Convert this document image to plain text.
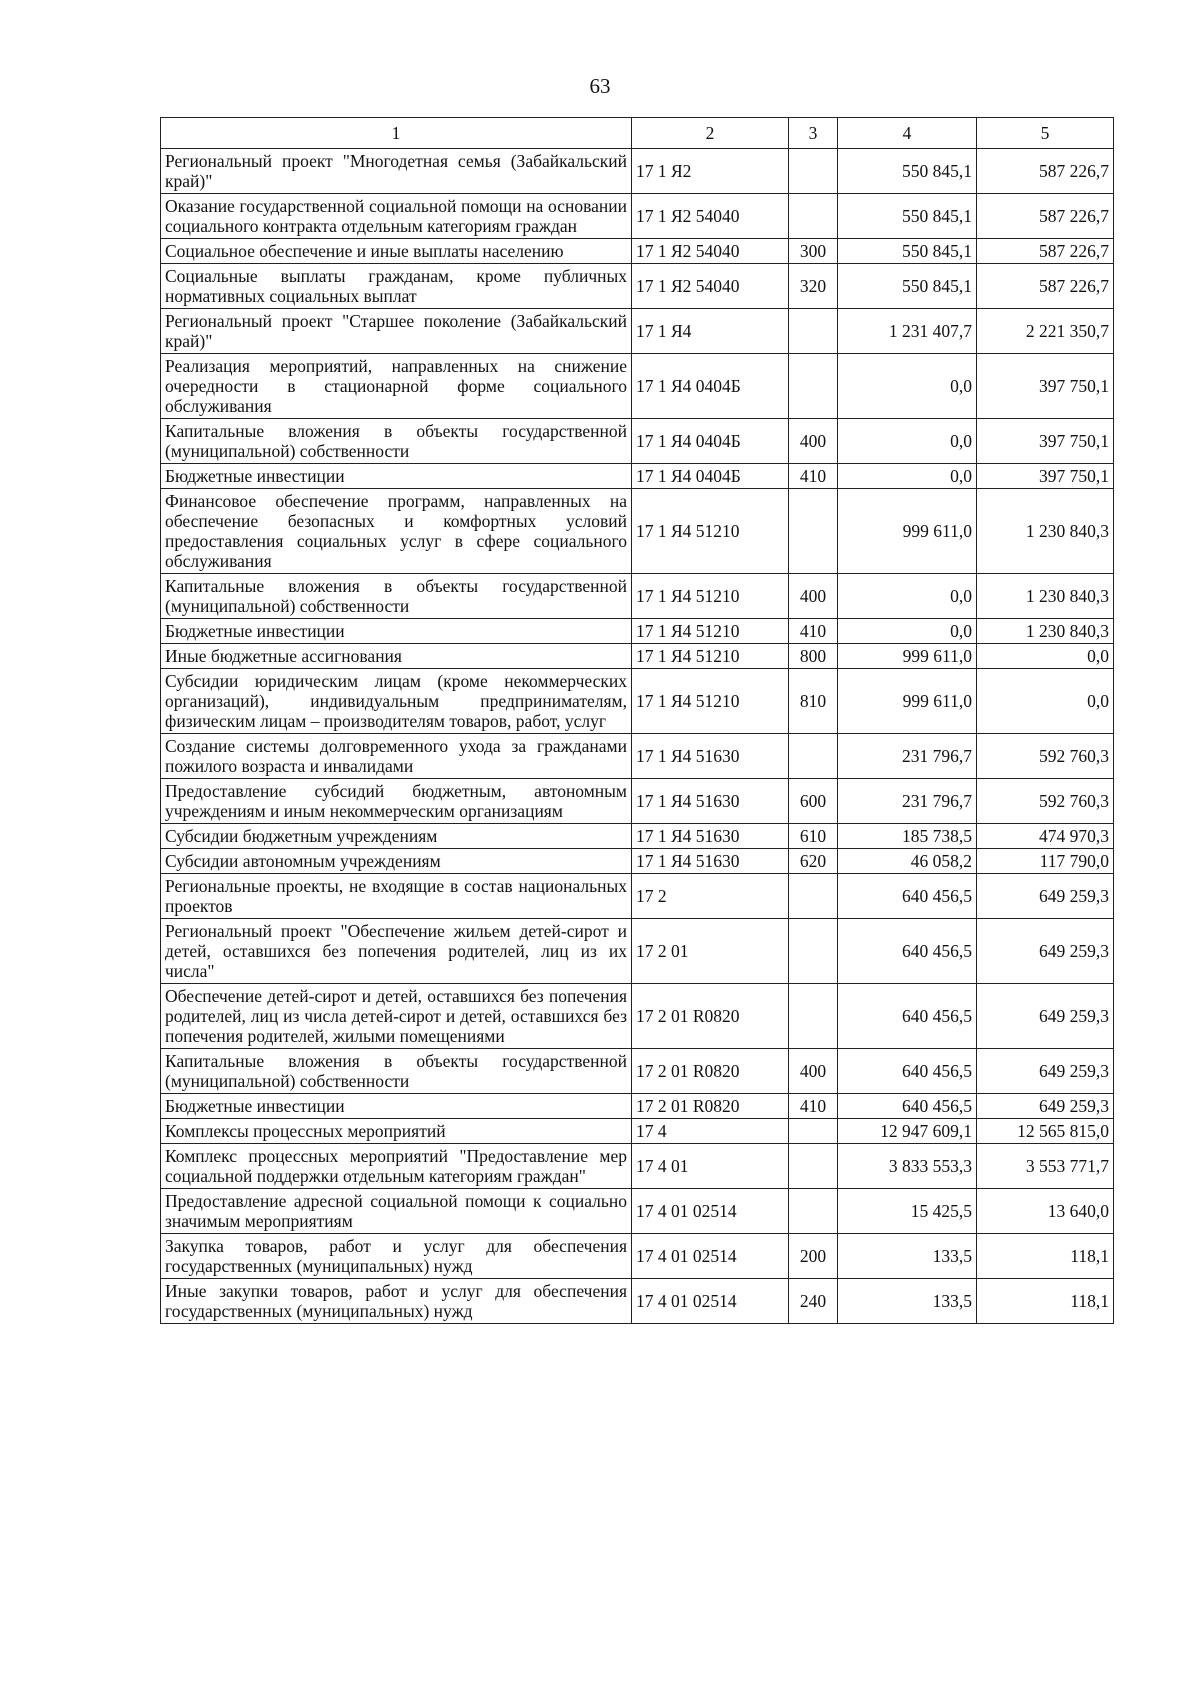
63
1	2	3	4	5
Региональный проект "Многодетная семья (Забайкальский край)"	17 1 Я2		550 845,1	587 226,7
Оказание государственной социальной помощи на основании социального контракта отдельным категориям граждан	17 1 Я2 54040		550 845,1	587 226,7
Социальное обеспечение и иные выплаты населению	17 1 Я2 54040	300	550 845,1	587 226,7
Социальные выплаты гражданам, кроме публичных нормативных социальных выплат	17 1 Я2 54040	320	550 845,1	587 226,7
Региональный проект "Старшее поколение (Забайкальский край)"	17 1 Я4		1 231 407,7	2 221 350,7
Реализация мероприятий, направленных на снижение очередности в стационарной форме социального обслуживания	17 1 Я4 0404Б		0,0	397 750,1
Капитальные вложения в объекты государственной (муниципальной) собственности	17 1 Я4 0404Б	400	0,0	397 750,1
Бюджетные инвестиции	17 1 Я4 0404Б	410	0,0	397 750,1
Финансовое обеспечение программ, направленных на обеспечение безопасных и комфортных условий предоставления социальных услуг в сфере социального обслуживания	17 1 Я4 51210		999 611,0	1 230 840,3
Капитальные вложения в объекты государственной (муниципальной) собственности	17 1 Я4 51210	400	0,0	1 230 840,3
Бюджетные инвестиции	17 1 Я4 51210	410	0,0	1 230 840,3
Иные бюджетные ассигнования	17 1 Я4 51210	800	999 611,0	0,0
Субсидии юридическим лицам (кроме некоммерческих организаций), индивидуальным предпринимателям, физическим лицам – производителям товаров, работ, услуг	17 1 Я4 51210	810	999 611,0	0,0
Создание системы долговременного ухода за гражданами пожилого возраста и инвалидами	17 1 Я4 51630		231 796,7	592 760,3
Предоставление субсидий бюджетным, автономным учреждениям и иным некоммерческим организациям	17 1 Я4 51630	600	231 796,7	592 760,3
Субсидии бюджетным учреждениям	17 1 Я4 51630	610	185 738,5	474 970,3
Субсидии автономным учреждениям	17 1 Я4 51630	620	46 058,2	117 790,0
Региональные проекты, не входящие в состав национальных проектов	17 2		640 456,5	649 259,3
Региональный проект "Обеспечение жильем детей-сирот и детей, оставшихся без попечения родителей, лиц из их числа"	17 2 01		640 456,5	649 259,3
Обеспечение детей-сирот и детей, оставшихся без попечения родителей, лиц из числа детей-сирот и детей, оставшихся без попечения родителей, жилыми помещениями	17 2 01 R0820		640 456,5	649 259,3
Капитальные вложения в объекты государственной (муниципальной) собственности	17 2 01 R0820	400	640 456,5	649 259,3
Бюджетные инвестиции	17 2 01 R0820	410	640 456,5	649 259,3
Комплексы процессных мероприятий	17 4		12 947 609,1	12 565 815,0
Комплекс процессных мероприятий "Предоставление мер социальной поддержки отдельным категориям граждан"	17 4 01		3 833 553,3	3 553 771,7
Предоставление адресной социальной помощи к социально значимым мероприятиям	17 4 01 02514		15 425,5	13 640,0
Закупка товаров, работ и услуг для обеспечения государственных (муниципальных) нужд	17 4 01 02514	200	133,5	118,1
Иные закупки товаров, работ и услуг для обеспечения государственных (муниципальных) нужд	17 4 01 02514	240	133,5	118,1
